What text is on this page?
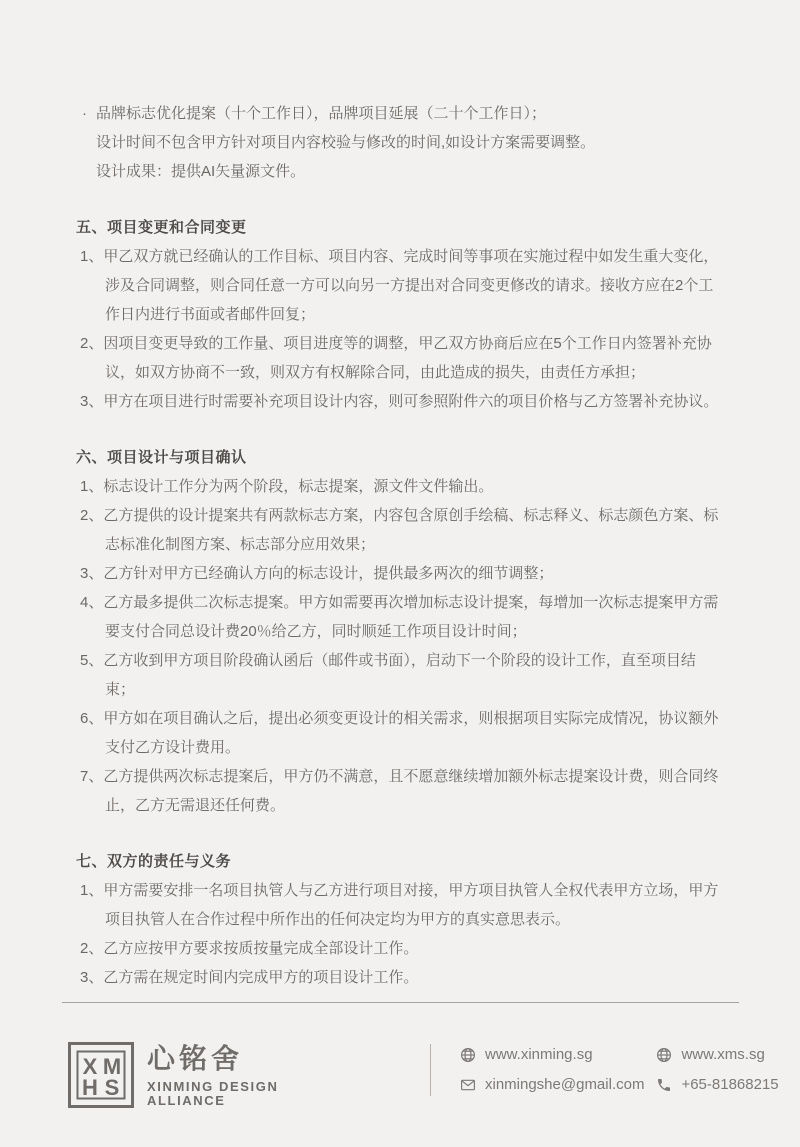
· 品牌标志优化提案（十个工作日），品牌项目延展（二十个工作日）；

设计时间不包含甲方针对项目内容校验与修改的时间,如设计方案需要调整。

设计成果：提供AI矢量源文件。

五、项目变更和合同变更

1、甲乙双方就已经确认的工作目标、项目内容、完成时间等事项在实施过程中如发生重大变化，涉及合同调整，则合同任意一方可以向另一方提出对合同变更修改的请求。接收方应在2个工作日内进行书面或者邮件回复；

2、因项目变更导致的工作量、项目进度等的调整，甲乙双方协商后应在5个工作日内签署补充协议，如双方协商不一致，则双方有权解除合同，由此造成的损失，由责任方承担；

3、甲方在项目进行时需要补充项目设计内容，则可参照附件六的项目价格与乙方签署补充协议。

六、项目设计与项目确认

1、标志设计工作分为两个阶段，标志提案，源文件文件输出。

2、乙方提供的设计提案共有两款标志方案，内容包含原创手绘稿、标志释义、标志颜色方案、标志标准化制图方案、标志部分应用效果；

3、乙方针对甲方已经确认方向的标志设计，提供最多两次的细节调整；

4、乙方最多提供二次标志提案。甲方如需要再次增加标志设计提案，每增加一次标志提案甲方需要支付合同总设计费20％给乙方，同时顺延工作项目设计时间；

5、乙方收到甲方项目阶段确认函后（邮件或书面），启动下一个阶段的设计工作，直至项目结束；

6、甲方如在项目确认之后，提出必须变更设计的相关需求，则根据项目实际完成情况，协议额外支付乙方设计费用。

7、乙方提供两次标志提案后，甲方仍不满意，且不愿意继续增加额外标志提案设计费，则合同终止，乙方无需退还任何费。

七、双方的责任与义务

1、甲方需要安排一名项目执管人与乙方进行项目对接，甲方项目执管人全权代表甲方立场，甲方项目执管人在合作过程中所作出的任何决定均为甲方的真实意思表示。

2、乙方应按甲方要求按质按量完成全部设计工作。

3、乙方需在规定时间内完成甲方的项目设计工作。

X M
H S
心铭舍
XINMING DESIGN
ALLIANCE
www.xinming.sg	www.xms.sg
xinmingshe@gmail.com +65-81868215
